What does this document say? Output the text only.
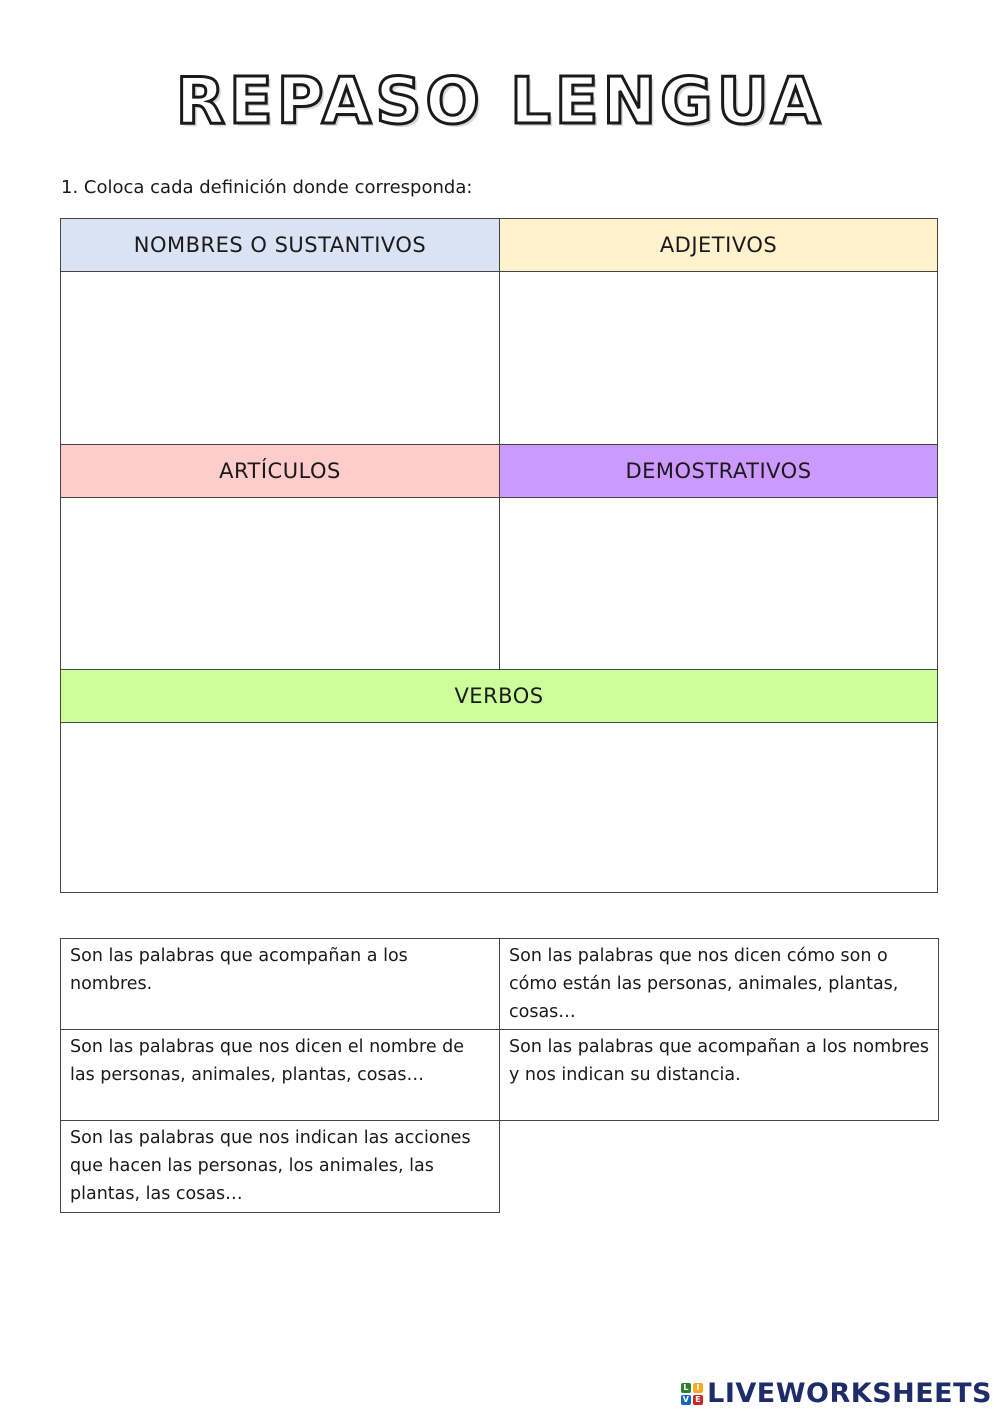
REPASO LENGUA
1. Coloca cada definición donde corresponda:
NOMBRES O SUSTANTIVOS	ADJETIVOS
ARTÍCULOS	DEMOSTRATIVOS
VERBOS
Son las palabras que acompañan a los nombres.
Son las palabras que nos dicen cómo son o cómo están las personas, animales, plantas, cosas…
Son las palabras que nos dicen el nombre de las personas, animales, plantas, cosas…
Son las palabras que acompañan a los nombres y nos indican su distancia.
Son las palabras que nos indican las acciones que hacen las personas, los animales, las plantas, las cosas…
L I
V E LIVEWORKSHEETS
